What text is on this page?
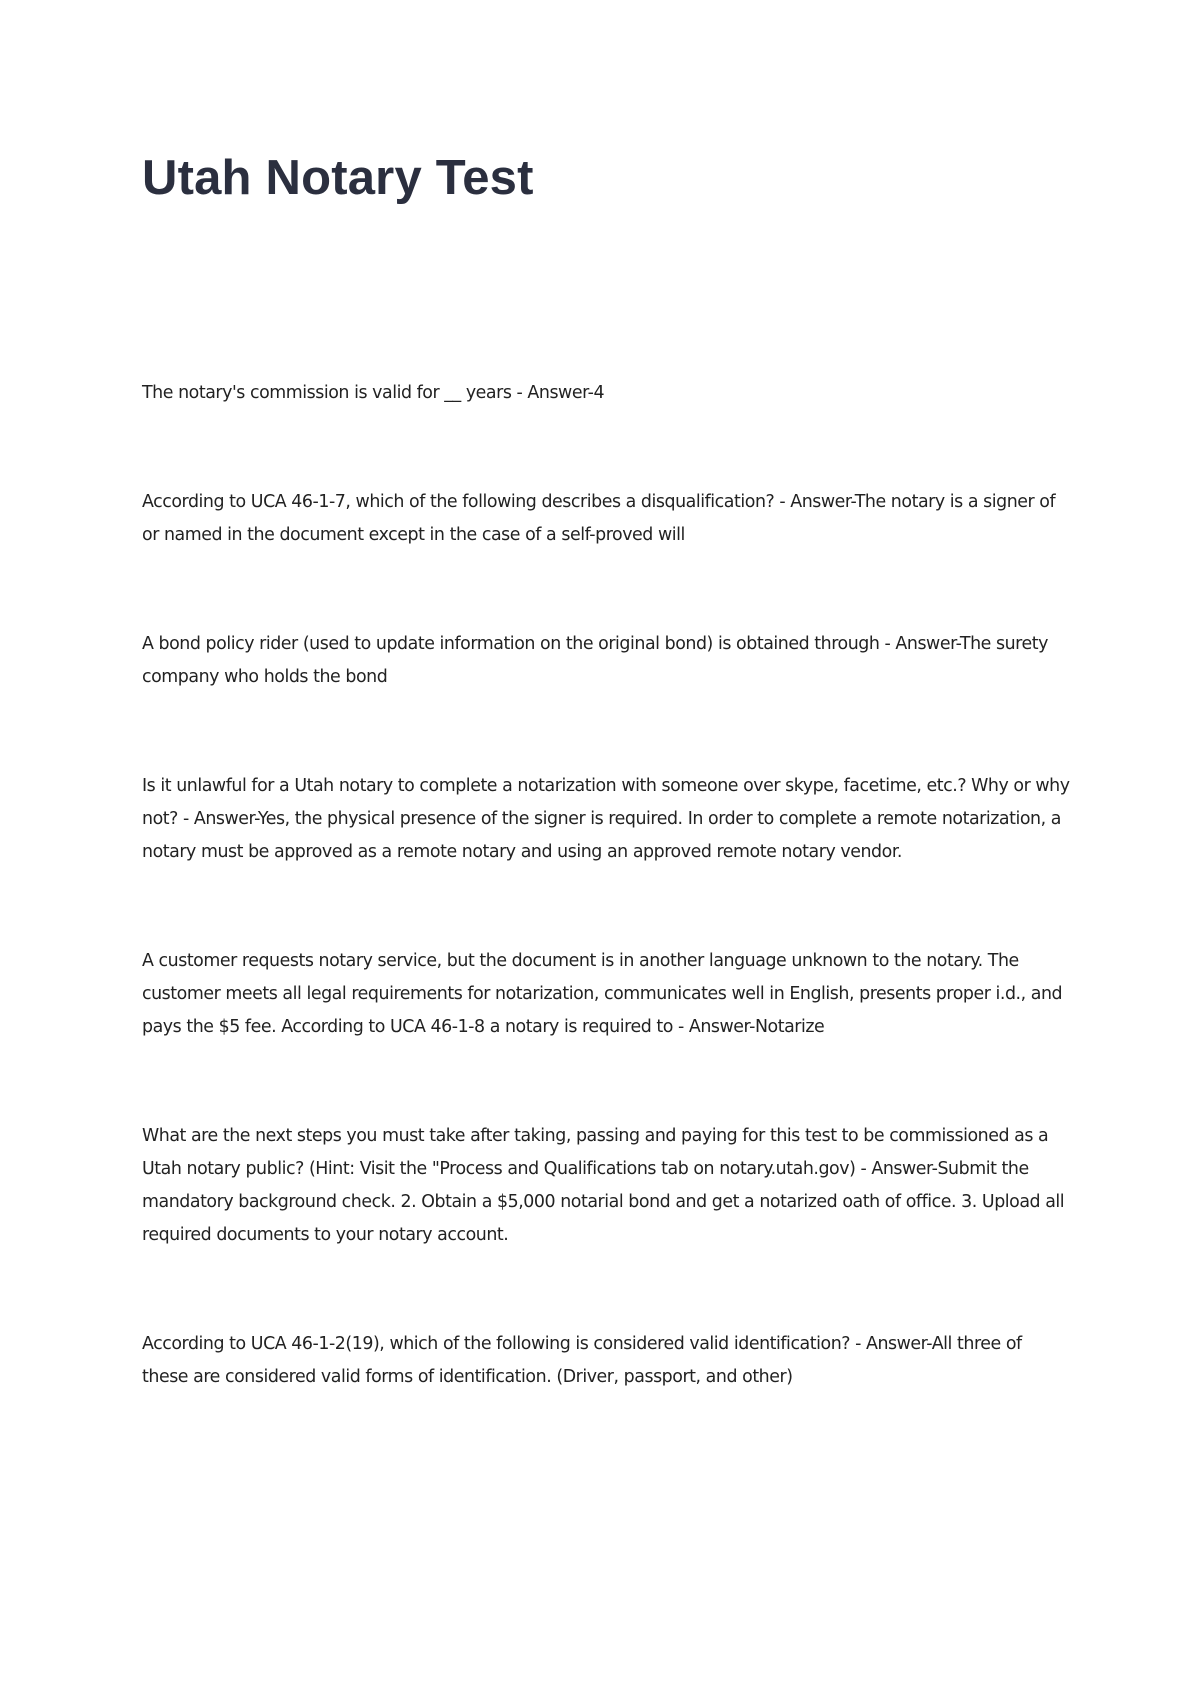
Utah Notary Test
The notary's commission is valid for __ years - Answer-4
According to UCA 46-1-7, which of the following describes a disqualification? - Answer-The notary is a signer of or named in the document except in the case of a self-proved will
A bond policy rider (used to update information on the original bond) is obtained through - Answer-The surety company who holds the bond
Is it unlawful for a Utah notary to complete a notarization with someone over skype, facetime, etc.? Why or why not? - Answer-Yes, the physical presence of the signer is required. In order to complete a remote notarization, a notary must be approved as a remote notary and using an approved remote notary vendor.
A customer requests notary service, but the document is in another language unknown to the notary. The customer meets all legal requirements for notarization, communicates well in English, presents proper i.d., and pays the $5 fee. According to UCA 46-1-8 a notary is required to - Answer-Notarize
What are the next steps you must take after taking, passing and paying for this test to be commissioned as a Utah notary public? (Hint: Visit the "Process and Qualifications tab on notary.utah.gov) - Answer-Submit the mandatory background check. 2. Obtain a $5,000 notarial bond and get a notarized oath of office. 3. Upload all required documents to your notary account.
According to UCA 46-1-2(19), which of the following is considered valid identification? - Answer-All three of these are considered valid forms of identification. (Driver, passport, and other)
